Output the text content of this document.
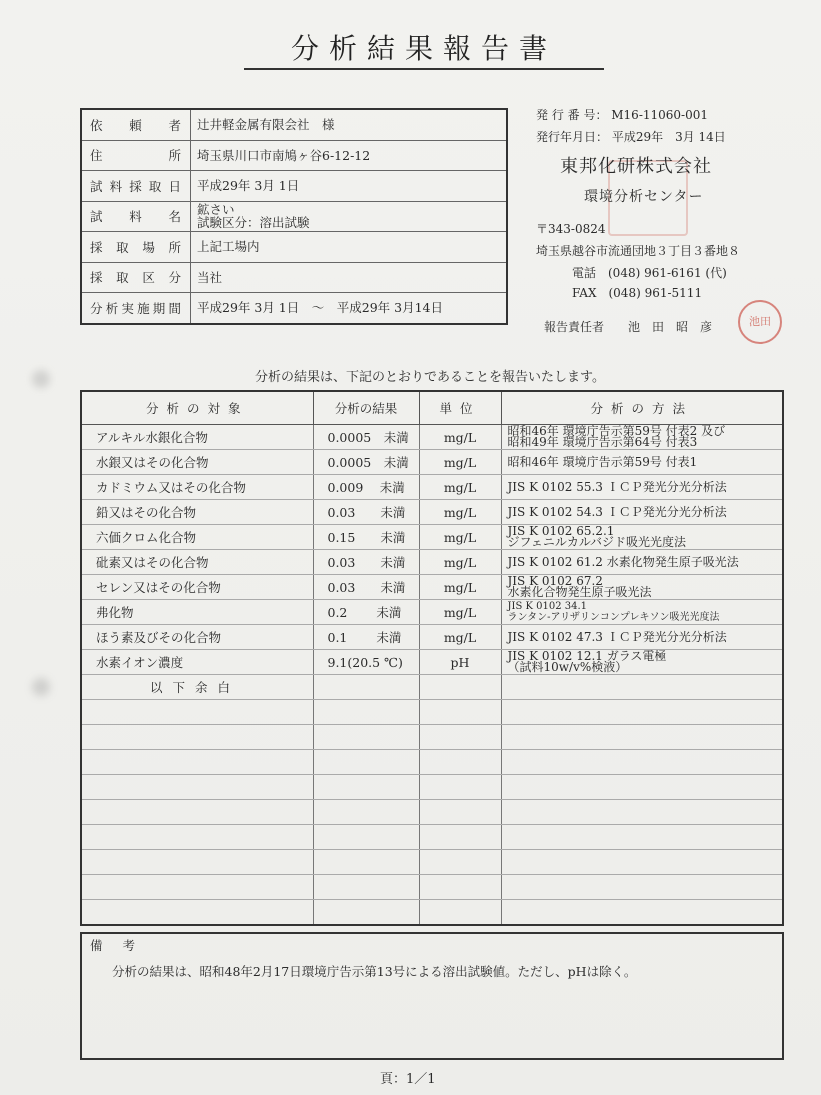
分析結果報告書
依頼者	辻井軽金属有限会社　様
住所	埼玉県川口市南鳩ヶ谷6-12-12
試料採取日	平成29年 3月 1日
試料名	鉱さい
試験区分：溶出試験

採取場所	上記工場内
採取区分	当社
分析実施期間	平成29年 3月 1日　～　平成29年 3月14日
発 行 番 号： M16-11060-001
発行年月日： 平成29年　3月 14日
東邦化研株式会社
環境分析センター
〒343-0824
埼玉県越谷市流通団地３丁目３番地８
電話　(048) 961-6161 (代)
FAX　(048) 961-5111
報告責任者　　池　田　昭　彦	池田
分析の結果は、下記のとおりであることを報告いたします。
分析の対象	分析の結果	単位	分析の方法
アルキル水銀化合物	0.0005　未満	mg/L	昭和46年 環境庁告示第59号 付表2 及び
昭和49年 環境庁告示第64号 付表3

水銀又はその化合物	0.0005　未満	mg/L	昭和46年 環境庁告示第59号 付表1

カドミウム又はその化合物	0.009　 未満	mg/L	JIS K 0102 55.3 ＩＣＰ発光分光分析法

鉛又はその化合物	0.03　　未満	mg/L	JIS K 0102 54.3 ＩＣＰ発光分光分析法

六価クロム化合物	0.15　　未満	mg/L	JIS K 0102 65.2.1
ジフェニルカルバジド吸光光度法

砒素又はその化合物	0.03　　未満	mg/L	JIS K 0102 61.2 水素化物発生原子吸光法

セレン又はその化合物	0.03　　未満	mg/L	JIS K 0102 67.2
水素化合物発生原子吸光法

弗化物	0.2　　 未満	mg/L	JIS K 0102 34.1
ランタン-アリザリンコンプレキソン吸光光度法

ほう素及びその化合物	0.1　　 未満	mg/L	JIS K 0102 47.3 ＩＣＰ発光分光分析法

水素イオン濃度	9.1(20.5 ℃)	pH	JIS K 0102 12.1 ガラス電極
（試料10w/v%検液）

以下余白			

備考
分析の結果は、昭和48年2月17日環境庁告示第13号による溶出試験値。ただし、pHは除く。
頁：1／1
